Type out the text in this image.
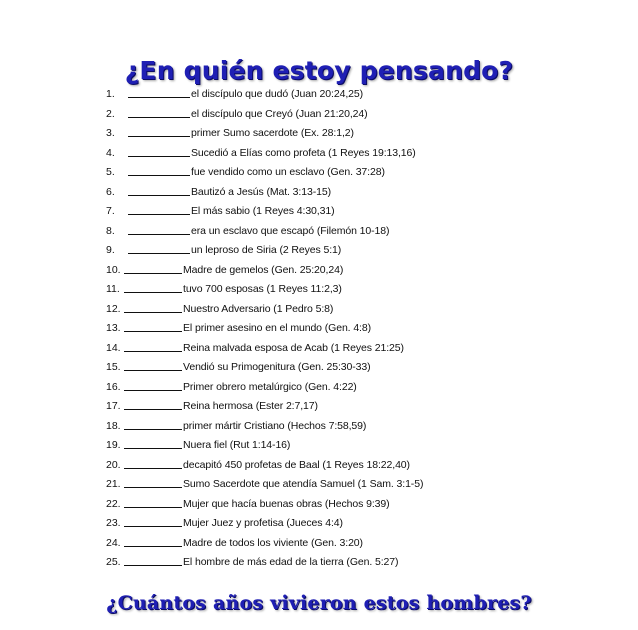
¿En quién estoy pensando?
1.	el discípulo que dudó (Juan 20:24,25)
2.	el discípulo que Creyó (Juan 21:20,24)
3.	primer Sumo sacerdote (Ex. 28:1,2)
4.	Sucedió a Elías como profeta (1 Reyes 19:13,16)
5.	fue vendido como un esclavo (Gen. 37:28)
6.	Bautizó a Jesús (Mat. 3:13-15)
7.	El más sabio (1 Reyes 4:30,31)
8.	era un esclavo que escapó (Filemón 10-18)
9.	un leproso de Siria (2 Reyes 5:1)
10.	Madre de gemelos (Gen. 25:20,24)
11.	tuvo 700 esposas (1 Reyes 11:2,3)
12.	Nuestro Adversario (1 Pedro 5:8)
13.	El primer asesino en el mundo (Gen. 4:8)
14.	Reina malvada esposa de Acab (1 Reyes 21:25)
15.	Vendió su Primogenitura (Gen. 25:30-33)
16.	Primer obrero metalúrgico (Gen. 4:22)
17.	Reina hermosa (Ester 2:7,17)
18.	primer mártir Cristiano (Hechos 7:58,59)
19.	Nuera fiel (Rut 1:14-16)
20.	decapitó 450 profetas de Baal (1 Reyes 18:22,40)
21.	Sumo Sacerdote que atendía Samuel (1 Sam. 3:1-5)
22.	Mujer que hacía buenas obras (Hechos 9:39)
23.	Mujer Juez y profetisa (Jueces 4:4)
24.	Madre de todos los viviente (Gen. 3:20)
25.	El hombre de más edad de la tierra (Gen. 5:27)
¿Cuántos años vivieron estos hombres?
